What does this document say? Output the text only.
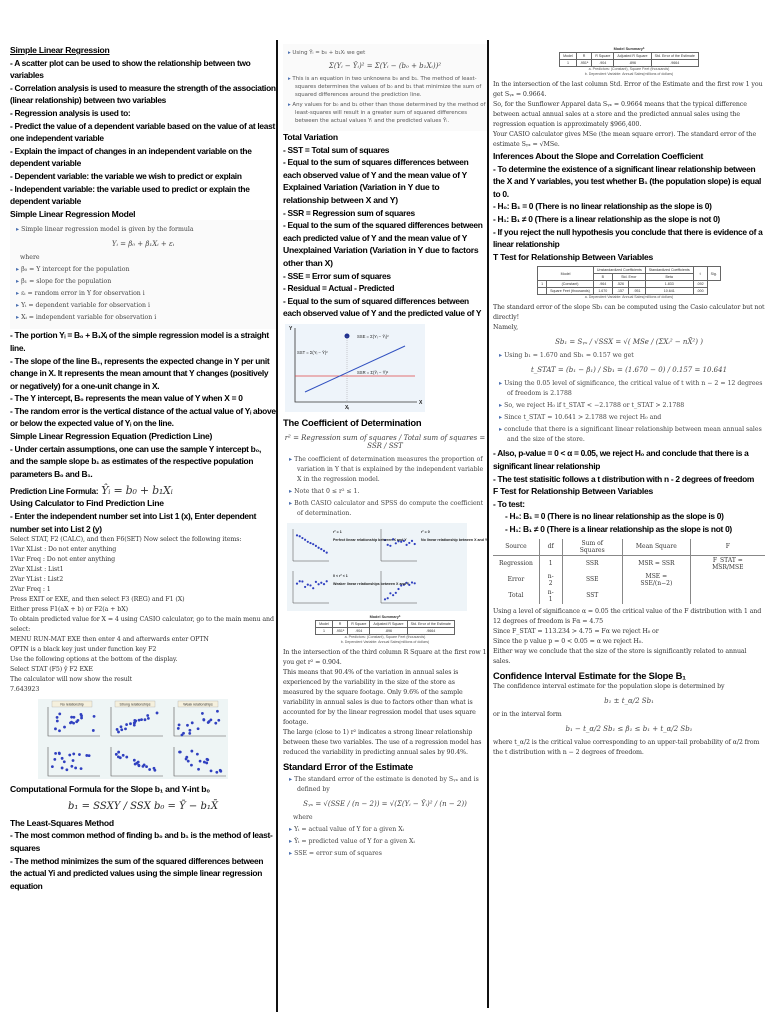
Simple Linear Regression
- A scatter plot can be used to show the relationship between two variables
- Correlation analysis is used to measure the strength of the association (linear relationship) between two variables
- Regression analysis is used to:
- Predict the value of a dependent variable based on the value of at least one independent variable
- Explain the impact of changes in an independent variable on the dependent variable
- Dependent variable: the variable we wish to predict or explain
- Independent variable: the variable used to predict or explain the dependent variable
Simple Linear Regression Model
▸ Simple linear regression model is given by the formula
Yᵢ = β₀ + β₁Xᵢ + εᵢ
where
▸ β₀ = Y intercept for the population
▸ β₁ = slope for the population
▸ εᵢ = random error in Y for observation i
▸ Yᵢ = dependent variable for observation i
▸ Xᵢ = independent variable for observation i
- The portion Yᵢ = B₀ + B₁Xᵢ of the simple regression model is a straight line.
- The slope of the line B₁, represents the expected change in Y per unit change in X. It represents the mean amount that Y changes (positively or negatively) for a one-unit change in X.
- The Y intercept, B₀ represents the mean value of Y when X = 0
- The random error is the vertical distance of the actual value of Yᵢ above or below the expected value of Yᵢ on the line.
Simple Linear Regression Equation (Prediction Line)
- Under certain assumptions, one can use the sample Y intercept b₀, and the sample slope b₁ as estimates of the respective population parameters B₀ and B₁.
Prediction Line Formula: Ŷᵢ = b₀ + b₁Xᵢ
Using Calculator to Find Prediction Line
- Enter the independent number set into List 1 (x), Enter dependent number set into List 2 (y)
Select STAT, F2 (CALC), and then F6(SET) Now select the following items:
1Var XList : Do not enter anything
1Var Freq : Do not enter anything
2Var XList : List1
2Var YList : List2
2Var Freq : 1
Press EXIT or EXE, and then select F3 (REG) and F1 (X)
Either press F1(aX + b) or F2(a + bX)
To obtain predicted value for X = 4 using CASIO calculator, go to the main menu and select:
MENU RUN-MAT EXE then enter 4 and afterwards enter OPTN
OPTN is a black key just under function key F2
Use the following options at the bottom of the display.
Select STAT (F5) ŷ F2 EXE
The calculator will now show the result
7.643923
No relationship	Strong relationships	Weak relationships
Computational Formula for the Slope b₁ and Y-int b₀
b₁ = SSXY / SSX b₀ = Ȳ − b₁X̄
The Least-Squares Method
- The most common method of finding b₀ and b₁ is the method of least-squares
- The method minimizes the sum of the squared differences between the actual Yi and predicted values using the simple linear regression equation
▸ Using Ŷᵢ = b₀ + b₁Xᵢ we get
Σ(Yᵢ − Ŷᵢ)² = Σ(Yᵢ − (b₀ + b₁Xᵢ))²
▸ This is an equation in two unknowns b₀ and b₁. The method of least-squares determines the values of b₀ and b₁ that minimize the sum of squared differences around the prediction line.
▸ Any values for b₀ and b₁ other than those determined by the method of least-squares will result in a greater sum of squared differences between the actual values Yᵢ and the predicted values Ŷᵢ.
Total Variation
- SST = Total sum of squares
- Equal to the sum of squares differences between each observed value of Y and the mean value of Y
Explained Variation (Variation in Y due to relationship between X and Y)
- SSR = Regression sum of squares
- Equal to the sum of the squared differences between each predicted value of Y and the mean value of Y
Unexplained Variation (Variation in Y due to factors other than X)
- SSE = Error sum of squares
- Residual = Actual - Predicted
- Equal to the sum of squared differences between each observed value of Y and the predicted value of Y
SST = Σ(Yᵢ − Ȳ)²
SSE = Σ(Yᵢ − Ŷᵢ)²
SSR = Σ(Ŷᵢ − Ȳ)²
Xᵢ
X
Y
The Coefficient of Determination
r² = Regression sum of squares / Total sum of squares = SSR / SST
▸ The coefficient of determination measures the proportion of variation in Y that is explained by the independent variable X in the regression model.
▸ Note that 0 ≤ r² ≤ 1.
▸ Both CASIO calculator and SPSS do compute the coefficient of determination.
r² = 1
Perfect linear relationship between X and Y
r² = 0
No linear relationship between X and Y
0 < r² < 1
Weaker linear relationships between X and Y
Model Summaryᵇ
Model	R	R Square	Adjusted R Square	Std. Error of the Estimate
1	.951ᵃ	.904	.896	.9664
a. Predictors: (Constant), Square Feet (thousands)
b. Dependent Variable: Annual Sales(millions of dollars)
In the intersection of the third column R Square at the first row 1 you get r² = 0.904.
This means that 90.4% of the variation in annual sales is experienced by the variability in the size of the store as measured by the square footage. Only 9.6% of the sample variability in annual sales is due to factors other than what is accounted for by the linear regression model that uses square footage.
The large (close to 1) r² indicates a strong linear relationship between these two variables. The use of a regression model has reduced the variability in predicting annual sales by 90.4%.
Standard Error of the Estimate
▸ The standard error of the estimate is denoted by Sᵧₓ and is defined by
Sᵧₓ = √(SSE / (n − 2)) = √(Σ(Yᵢ − Ŷᵢ)² / (n − 2))
where
▸ Yᵢ = actual value of Y for a given Xᵢ
▸ Ŷᵢ = predicted value of Y for a given Xᵢ
▸ SSE = error sum of squares
Model Summaryᵇ
Model	R	R Square	Adjusted R Square	Std. Error of the Estimate
1	.951ᵃ	.904	.896	.9664
a. Predictors: (Constant), Square Feet (thousands)
b. Dependent Variable: Annual Sales(millions of dollars)
In the intersection of the last column Std. Error of the Estimate and the first row 1 you get Sᵧₓ = 0.9664.
So, for the Sunflower Apparel data Sᵧₓ = 0.9664 means that the typical difference between actual annual sales at a store and the predicted annual sales using the regression equation is approximately $966,400.
Your CASIO calculator gives MSe (the mean square error). The standard error of the estimate Sᵧₓ = √MSe.
Inferences About the Slope and Correlation Coefficient
- To determine the existence of a significant linear relationship between the X and Y variables, you test whether B₁ (the population slope) is equal to 0.
- H₀: B₁ = 0 (There is no linear relationship as the slope is 0)
- H₁: B₁ ≠ 0 (There is a linear relationship as the slope is not 0)
- If you reject the null hypothesis you conclude that there is evidence of a linear relationship
T Test for Relationship Between Variables
Model		Unstandardized Coefficients			Standardized Coefficients	t	Sig.
		B	Std. Error		Beta		
1	(Constant)	.964	.526		1.833	.092	
	Square Feet (thousands)	1.670	.157	.951	10.641	.000	
a. Dependent Variable: Annual Sales(millions of dollars)
The standard error of the slope Sb₁ can be computed using the Casio calculator but not directly!
Namely,
Sb₁ = Sᵧₓ / √SSX = √( MSe / (ΣXᵢ² − nX̄²) )
▸ Using b₁ = 1.670 and Sb₁ = 0.157 we get
t_STAT = (b₁ − β₁) / Sb₁ = (1.670 − 0) / 0.157 = 10.641
▸ Using the 0.05 level of significance, the critical value of t with n − 2 = 12 degrees of freedom is 2.1788
▸ So, we reject H₀ if t_STAT < −2.1788 or t_STAT > 2.1788
▸ Since t_STAT = 10.641 > 2.1788 we reject H₀ and
▸ conclude that there is a significant linear relationship between mean annual sales and the size of the store.
- Also, p-value = 0 < α = 0.05, we reject H₀ and conclude that there is a significant linear relationship
- The test statisitic follows a t distribution with n - 2 degrees of freedom
F Test for Relationship Between Variables
- To test:
- H₀: B₁ = 0 (There is no linear relationship as the slope is 0)
- H₁: B₁ ≠ 0 (There is a linear relationship as the slope is not 0)
Source	df	Sum of Squares	Mean Square	F
Regression	1	SSR	MSR = SSR	F_STAT = MSR/MSE
Error	n-2	SSE	MSE = SSE/(n−2)	
Total	n-1	SST		
Using a level of significance α = 0.05 the critical value of the F distribution with 1 and 12 degrees of freedom is Fα = 4.75
Since F_STAT = 113.234 > 4.75 = Fα we reject H₀ or
Since the p value p = 0 < 0.05 = α we reject H₀.
Either way we conclude that the size of the store is significantly related to annual sales.
Confidence Interval Estimate for the Slope B₁
The confidence interval estimate for the population slope is determined by
b₁ ± t_α/2 Sb₁
or in the interval form
b₁ − t_α/2 Sb₁ ≤ β₁ ≤ b₁ + t_α/2 Sb₁
where t_α/2 is the critical value corresponding to an upper-tail probability of α/2 from the t distribution with n − 2 degrees of freedom.
